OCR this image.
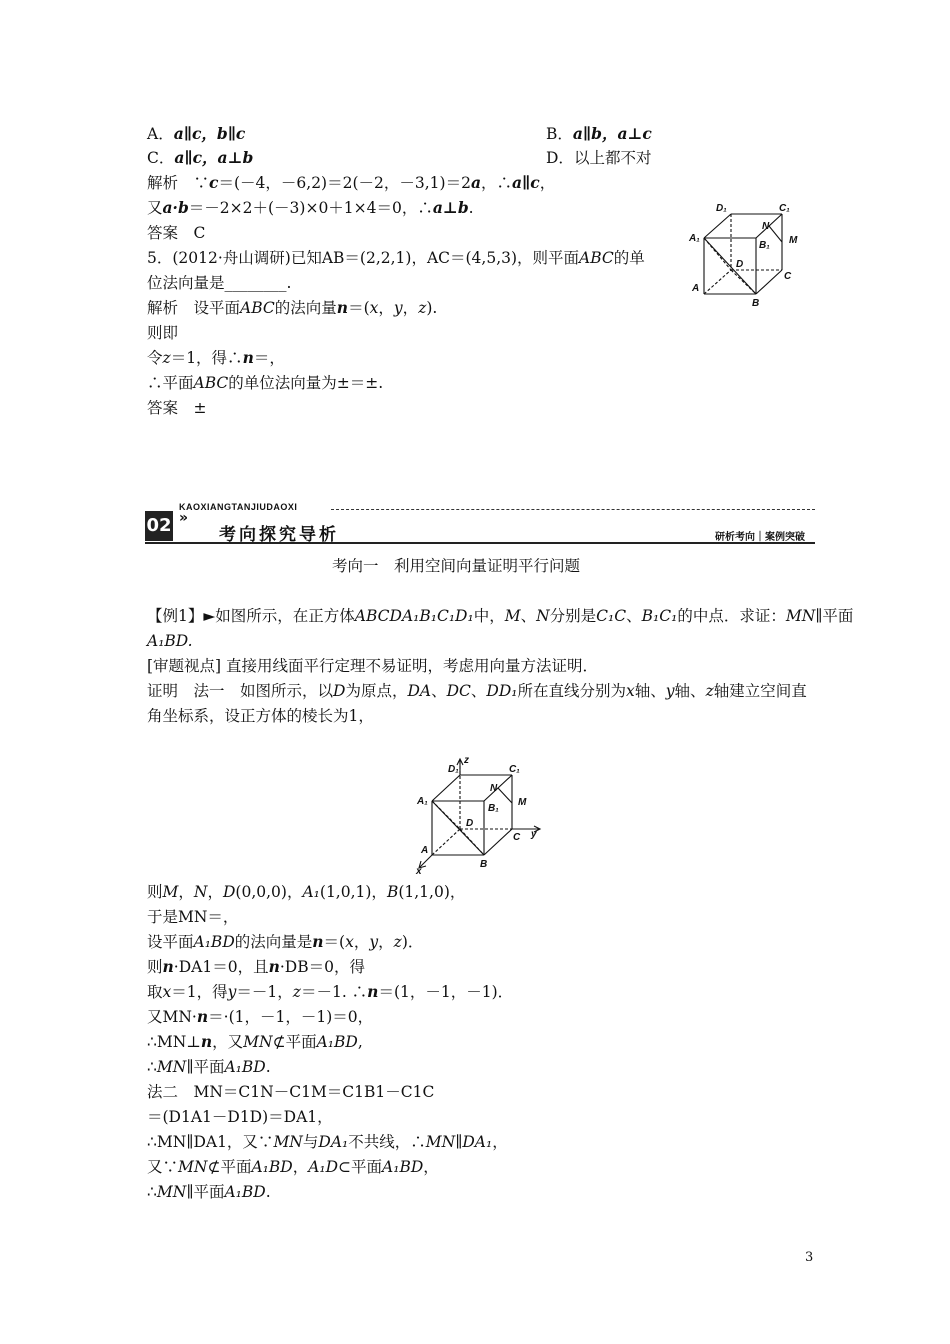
A．a∥c，b∥c	B．a∥b，a⊥c
C．a∥c，a⊥b	D．以上都不对
解析　 ∵c＝(－4，－6,2)＝2(－2，－3,1)＝2a，∴a∥c，
又a·b＝－2×2＋(－3)×0＋1×4＝0，∴a⊥b.
答案　 C
5．(2012·舟山调研)已知AB＝(2,2,1)，AC＝(4,5,3)，则平面ABC的单
位法向量是________.
解析　 设平面ABC的法向量n＝(x，y，z).
则即
令z＝1，得∴n＝，
∴平面ABC的单位法向量为±＝±.
答案　 ±
D₁	C₁
N
B₁ M
A₁
D
C
A
B
02 »
KAOXIANGTANJIUDAOXI
考向探究导析	研析考向｜案例突破
考向一　利用空间向量证明平行问题
【例1】►如图所示，在正方体ABCDA₁B₁C₁D₁中，M、N分别是C₁C、B₁C₁的中点．求证：MN∥平面
A₁BD.
[审题视点] 直接用线面平行定理不易证明，考虑用向量方法证明．
证明　法一　如图所示，以D为原点，DA、DC、DD₁所在直线分别为x轴、y轴、z轴建立空间直
角坐标系，设正方体的棱长为1，
z
D₁	C₁
N
B₁
M
A₁
D
C y
A
B
x
则M，N，D(0,0,0)，A₁(1,0,1)，B(1,1,0)，
于是MN＝，
设平面A₁BD的法向量是n＝(x，y，z)．
则n·DA1＝0，且n·DB＝0，得
取x＝1，得y＝－1，z＝－1. ∴n＝(1，－1，－1)．
又MN·n＝·(1，－1，－1)＝0，
∴MN⊥n，又MN⊄平面A₁BD,
∴MN∥平面A₁BD.
法二　MN＝C1N－C1M＝C1B1－C1C
＝(D1A1－D1D)＝DA1，
∴MN∥DA1，又∵MN与DA₁不共线，∴MN∥DA₁，
又∵MN⊄平面A₁BD，A₁D⊂平面A₁BD，
∴MN∥平面A₁BD.
3
